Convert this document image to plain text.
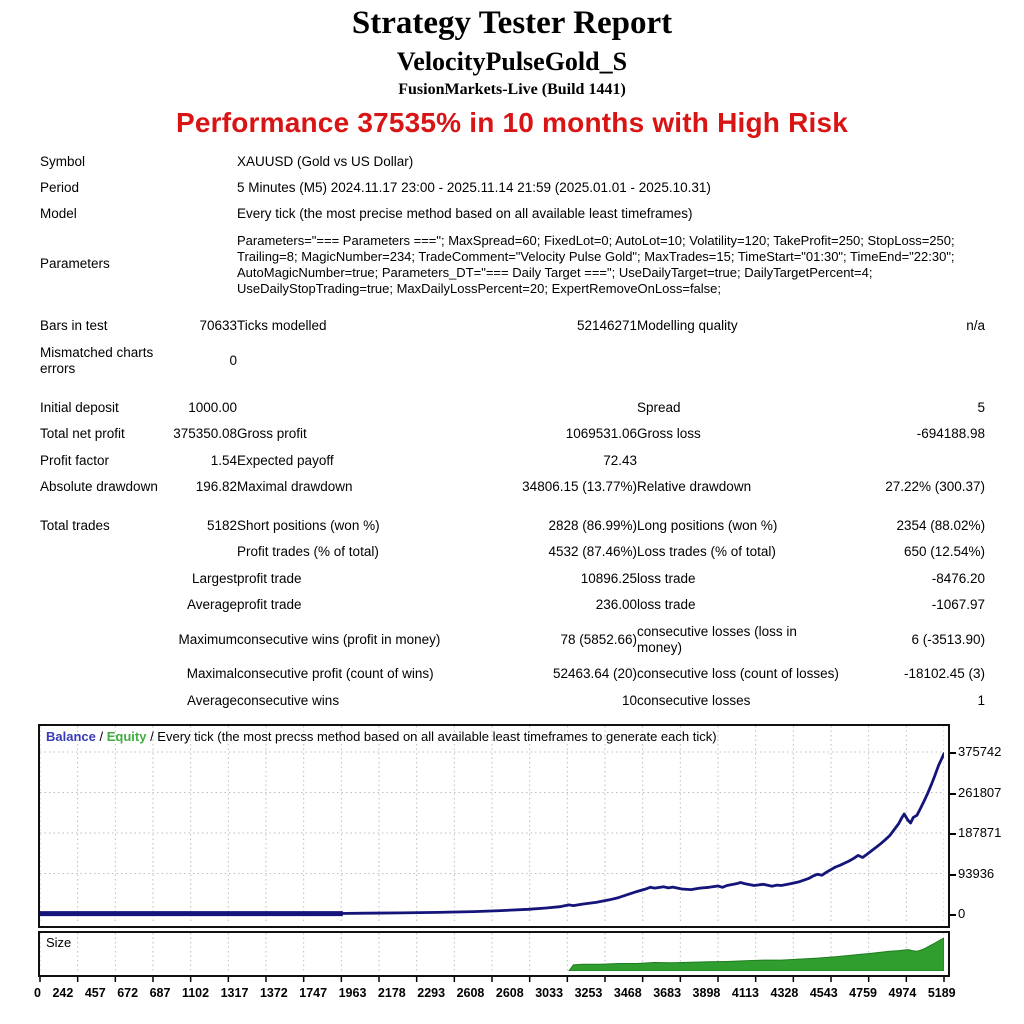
Strategy Tester Report
VelocityPulseGold_S
FusionMarkets-Live (Build 1441)
Performance 37535% in 10 months with High Risk
Symbol		XAUUSD (Gold vs US Dollar)			
Period		5 Minutes (M5) 2024.11.17 23:00 - 2025.11.14 21:59 (2025.01.01 - 2025.10.31)			
Model		Every tick (the most precise method based on all available least timeframes)			
Parameters		Parameters="=== Parameters ==="; MaxSpread=60; FixedLot=0; AutoLot=10; Volatility=120; TakeProfit=250; StopLoss=250; Trailing=8; MagicNumber=234; TradeComment="Velocity Pulse Gold"; MaxTrades=15; TimeStart="01:30"; TimeEnd="22:30"; AutoMagicNumber=true; Parameters_DT="=== Daily Target ==="; UseDailyTarget=true; DailyTargetPercent=4; UseDailyStopTrading=true; MaxDailyLossPercent=20; ExpertRemoveOnLoss=false;			

Bars in test	70633	Ticks modelled	52146271	Modelling quality	n/a
Mismatched charts errors	0				

Initial deposit	1000.00			Spread	5
Total net profit	375350.08	Gross profit	1069531.06	Gross loss	-694188.98
Profit factor	1.54	Expected payoff	72.43		
Absolute drawdown	196.82	Maximal drawdown	34806.15 (13.77%)	Relative drawdown	27.22% (300.37)

Total trades	5182	Short positions (won %)	2828 (86.99%)	Long positions (won %)	2354 (88.02%)
		Profit trades (% of total)	4532 (87.46%)	Loss trades (% of total)	650 (12.54%)
	Largest	profit trade	10896.25	loss trade	-8476.20
	Average	profit trade	236.00	loss trade	-1067.97
	Maximum	consecutive wins (profit in money)	78 (5852.66)	consecutive losses (loss in money)	6 (-3513.90)
	Maximal	consecutive profit (count of wins)	52463.64 (20)	consecutive loss (count of losses)	-18102.45 (3)
	Average	consecutive wins	10	consecutive losses	1
Balance / Equity / Every tick (the most precss method based on all available least timeframes to generate each tick)
0
93936
187871
261807
375742
Size
0 242 457 672 687 1102 1317 1372 1747 1963 2178 2293 2608 2608 3033 3253 3468 3683 3898 4113 4328 4543 4759 4974 5189
